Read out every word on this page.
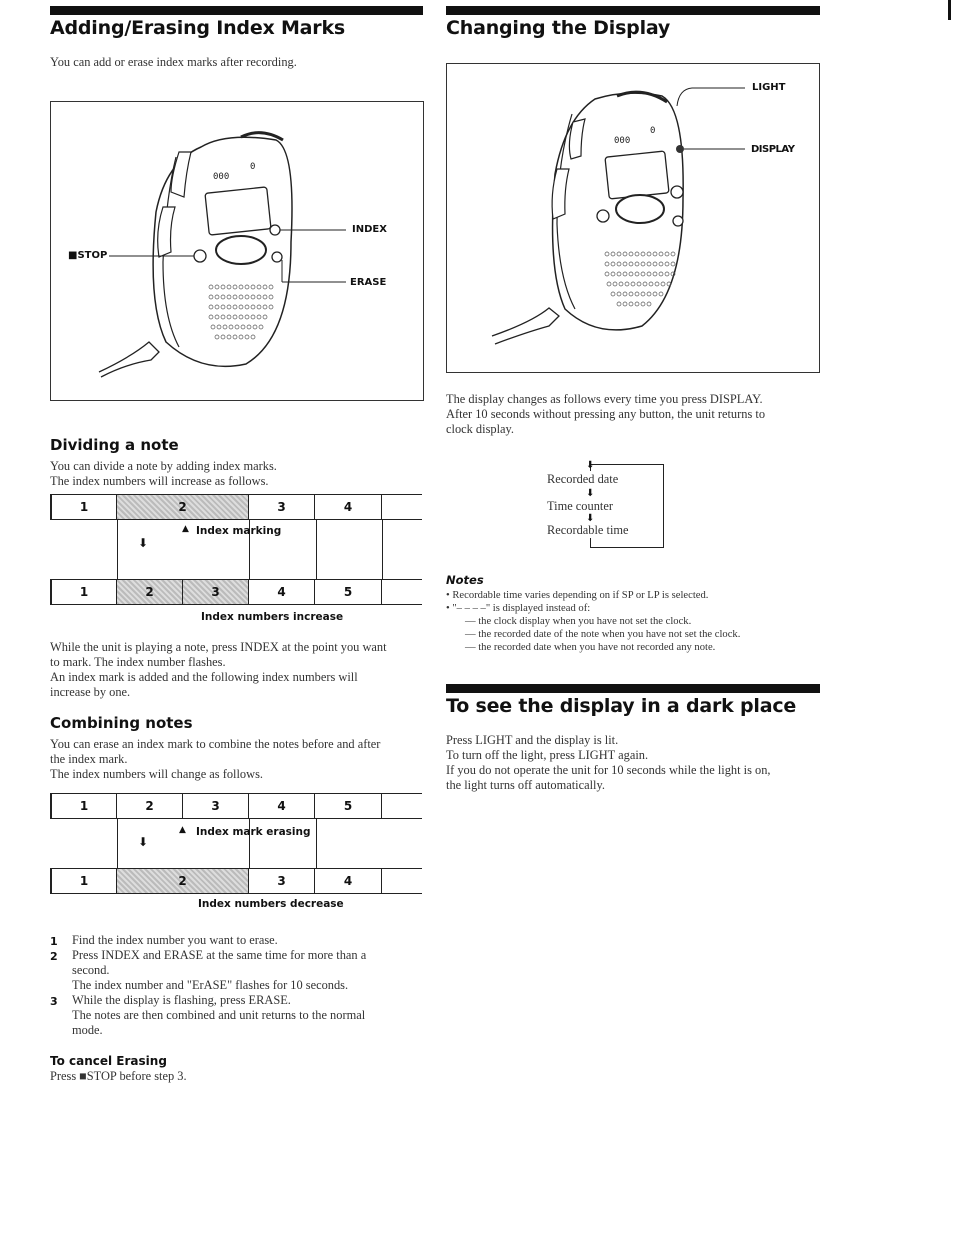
Adding/Erasing Index Marks
You can add or erase index marks after recording.
000
0
■STOP
INDEX
ERASE
Dividing a note
You can divide a note by adding index marks.
The index numbers will increase as follows.
1	2	3	4
⬇
▲ Index marking
1	2	3	4	5
Index numbers increase
While the unit is playing a note, press INDEX at the point you want
to mark. The index number flashes.
An index mark is added and the following index numbers will
increase by one.
Combining notes
You can erase an index mark to combine the notes before and after
the index mark.
The index numbers will change as follows.
1	2	3	4	5
⬇
▲ Index mark erasing
1	2	3	4
Index numbers decrease
1 Find the index number you want to erase.
2 Press INDEX and ERASE at the same time for more than a
second.
The index number and "ErASE" flashes for 10 seconds.
3 While the display is flashing, press ERASE.
The notes are then combined and unit returns to the normal
mode.
To cancel Erasing
Press ■STOP before step 3.
Changing the Display
000
0
LIGHT
DISPLAY
The display changes as follows every time you press DISPLAY.
After 10 seconds without pressing any button, the unit returns to
clock display.
⬇
Recorded date
⬇
Time counter
⬇
Recordable time
Notes
• Recordable time varies depending on if SP or LP is selected.
• "– – – –" is displayed instead of:
— the clock display when you have not set the clock.
— the recorded date of the note when you have not set the clock.
— the recorded date when you have not recorded any note.
To see the display in a dark place
Press LIGHT and the display is lit.
To turn off the light, press LIGHT again.
If you do not operate the unit for 10 seconds while the light is on,
the light turns off automatically.
